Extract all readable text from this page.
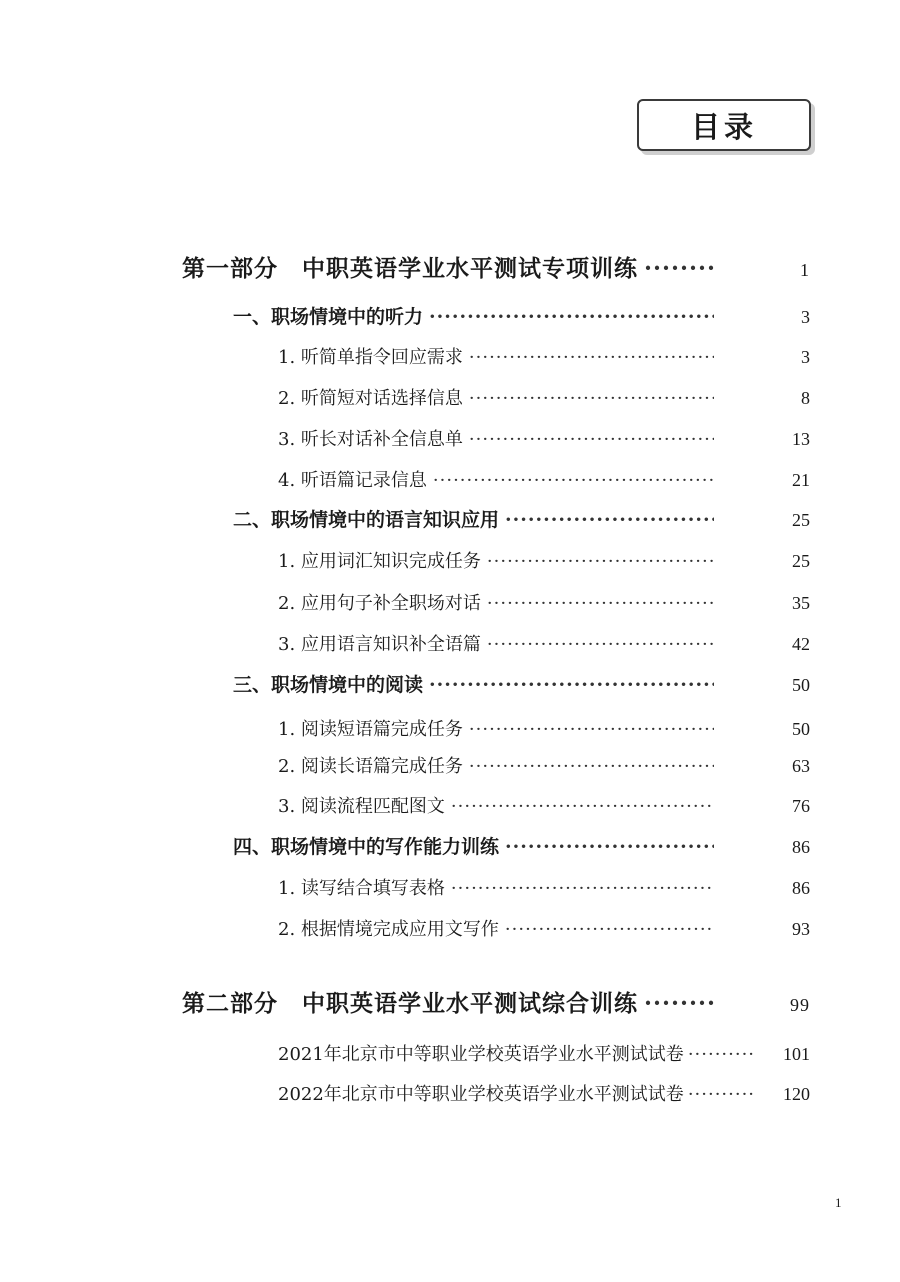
目录
第一部分　中职英语学业水平测试专项训练 ·····	1
一、职场情境中的听力 ·····	3
1. 听简单指令回应需求 ·····	3
2. 听简短对话选择信息 ·····	8
3. 听长对话补全信息单 ·····	13
4. 听语篇记录信息 ·····	21
二、职场情境中的语言知识应用 ·····	25
1. 应用词汇知识完成任务 ·····	25
2. 应用句子补全职场对话 ·····	35
3. 应用语言知识补全语篇 ·····	42
三、职场情境中的阅读 ·····	50
1. 阅读短语篇完成任务 ·····	50
2. 阅读长语篇完成任务 ·····	63
3. 阅读流程匹配图文 ·····	76
四、职场情境中的写作能力训练 ·····	86
1. 读写结合填写表格 ·····	86
2. 根据情境完成应用文写作 ·····	93
第二部分　中职英语学业水平测试综合训练 ·····	99
2021年北京市中等职业学校英语学业水平测试试卷 ·····	101
2022年北京市中等职业学校英语学业水平测试试卷 ·····	120
1
